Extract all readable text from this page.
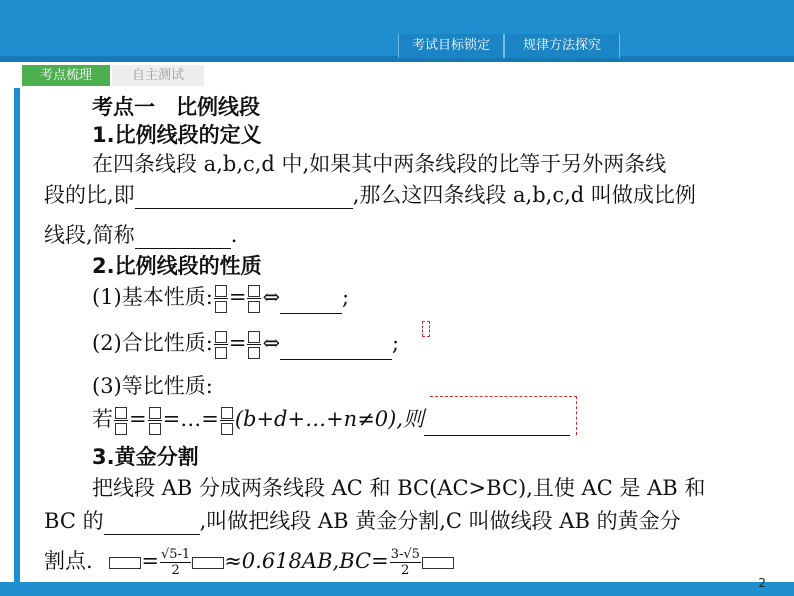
考试目标锁定	规律方法探究
考点梳理	自主测试
考点一　比例线段
1.比例线段的定义
在四条线段 a,b,c,d 中,如果其中两条线段的比等于另外两条线
段的比,即	,那么这四条线段 a,b,c,d 叫做成比例
线段,简称	.
2.比例线段的性质
(1)基本性质: = ⇔	;
(2)合比性质: = ⇔	;
(3)等比性质:
若 = =…= (b+d+…+n≠0),则
3.黄金分割
把线段 AB 分成两条线段 AC 和 BC(AC>BC),且使 AC 是 AB 和
BC 的	,叫做把线段 AB 黄金分割,C 叫做线段 AB 的黄金分
割点. = $\frac{√5-1}{2} \approx 0.618AB,BC= \frac{3-√5}{2}$
2
